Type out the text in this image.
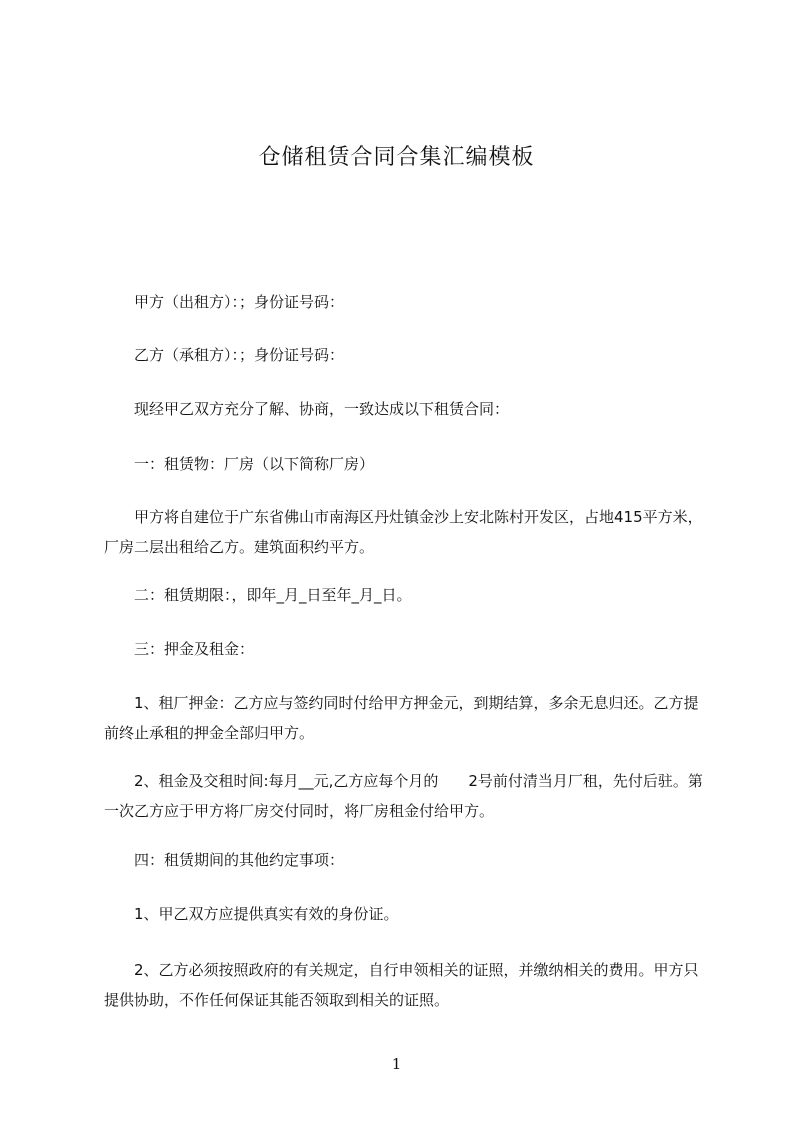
仓储租赁合同合集汇编模板
　　甲方（出租方）：；身份证号码：
　　乙方（承租方）：；身份证号码：
　　现经甲乙双方充分了解、协商，一致达成以下租赁合同：
　　一：租赁物：厂房（以下简称厂房）
　　甲方将自建位于广东省佛山市南海区丹灶镇金沙上安北陈村开发区，占地415平方米，厂房二层出租给乙方。建筑面积约平方。
　　二：租赁期限：，即年_月_日至年_月_日。
　　三：押金及租金：
　　1、租厂押金：乙方应与签约同时付给甲方押金元，到期结算，多余无息归还。乙方提前终止承租的押金全部归甲方。
　　2、租金及交租时间:每月__元,乙方应每个月的　　2号前付清当月厂租，先付后驻。第一次乙方应于甲方将厂房交付同时，将厂房租金付给甲方。
　　四：租赁期间的其他约定事项：
　　1、甲乙双方应提供真实有效的身份证。
　　2、乙方必须按照政府的有关规定，自行申领相关的证照，并缴纳相关的费用。甲方只提供协助，不作任何保证其能否领取到相关的证照。
1
